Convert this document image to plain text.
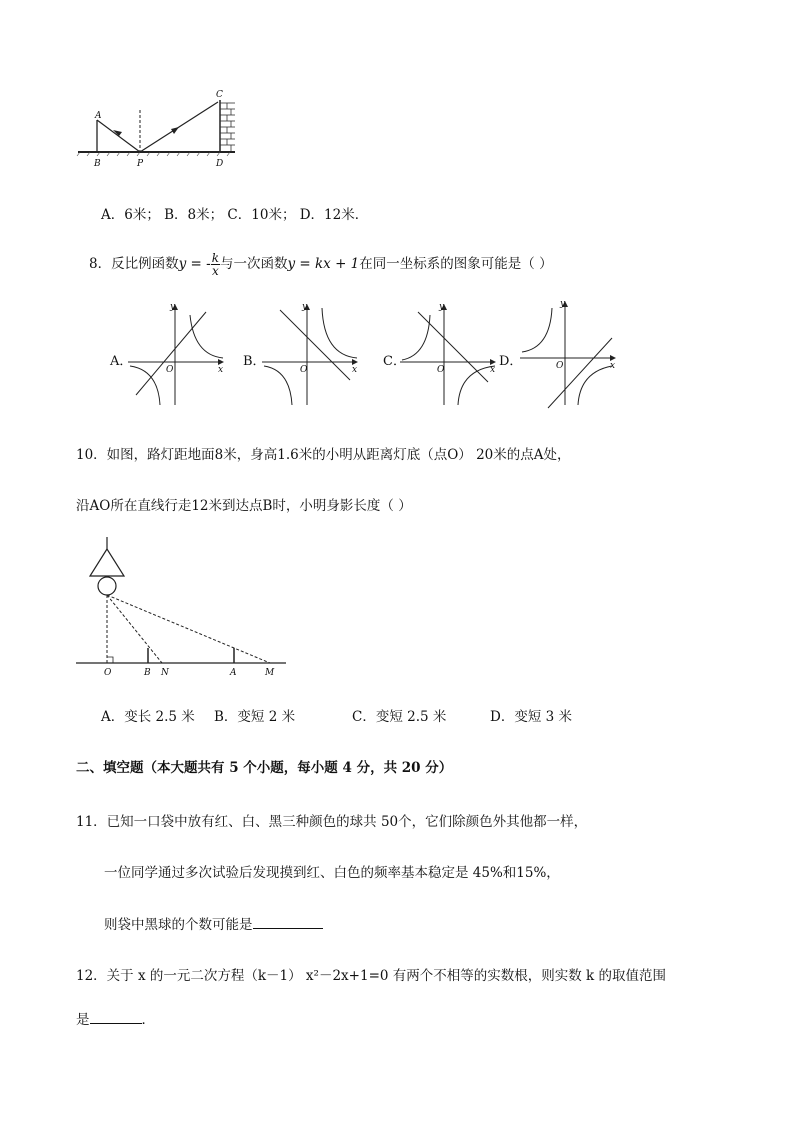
A
B
C
D
P
A．6米； B．8米； C．10米； D．12米．
8．反比例函数y = - $\frac{k}{x}$ 与一次函数y = kx + 1在同一坐标系的图象可能是（ ）
A．
y
x
O
B．
y
x
O
C．
y
x
O
D．
y
x
O
10．如图，路灯距地面8米，身高1.6米的小明从距离灯底（点O） 20米的点A处，
沿AO所在直线行走12米到达点B时，小明身影长度（ ）
O	B N	A	M
A．变长 2.5 米 B．变短 2 米	C．变短 2.5 米	D．变短 3 米
二、填空题（本大题共有 5 个小题，每小题 4 分，共 20 分）
11．已知一口袋中放有红、白、黑三种颜色的球共 50个，它们除颜色外其他都一样，
一位同学通过多次试验后发现摸到红、白色的频率基本稳定是 45%和15%，
则袋中黑球的个数可能是
12．关于 x 的一元二次方程（k－1） x²－2x+1=0 有两个不相等的实数根，则实数 k 的取值范围
是	．
